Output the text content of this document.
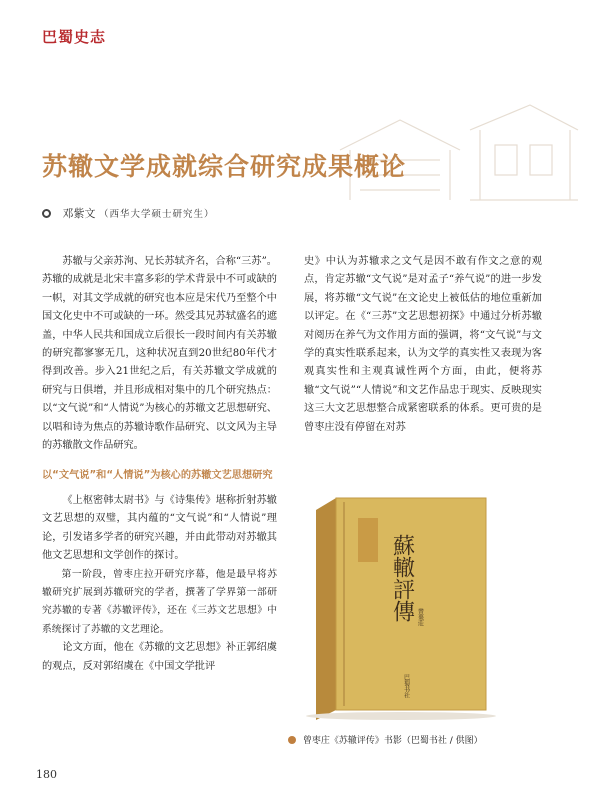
巴蜀史志
苏辙文学成就综合研究成果概论
邓紫文 （西华大学硕士研究生）

苏辙与父亲苏洵、兄长苏轼齐名，合称“三苏”。苏辙的成就是北宋丰富多彩的学术背景中不可或缺的一帜，对其文学成就的研究也本应是宋代乃至整个中国文化史中不可或缺的一环。然受其兄苏轼盛名的遮盖，中华人民共和国成立后很长一段时间内有关苏辙的研究都寥寥无几，这种状况直到20世纪80年代才得到改善。步入21世纪之后，有关苏辙文学成就的研究与日俱增，并且形成相对集中的几个研究热点：以“文气说”和“人情说”为核心的苏辙文艺思想研究、以唱和诗为焦点的苏辙诗歌作品研究、以文风为主导的苏辙散文作品研究。

以“文气说”和“人情说”为核心的苏辙文艺思想研究

《上枢密韩太尉书》与《诗集传》堪称折射苏辙文艺思想的双璧，其内蕴的“文气说”和“人情说”理论，引发诸多学者的研究兴趣，并由此带动对苏辙其他文艺思想和文学创作的探讨。

第一阶段，曾枣庄拉开研究序幕，他是最早将苏辙研究扩展到苏辙研究的学者，撰著了学界第一部研究苏辙的专著《苏辙评传》，还在《三苏文艺思想》中系统探讨了苏辙的文艺理论。

论文方面，他在《苏辙的文艺思想》补正郭绍虞的观点，反对郭绍虞在《中国文学批评

史》中认为苏辙求之文气是因不敢有作文之意的观点，肯定苏辙“文气说”是对孟子“养气说”的进一步发展，将苏辙“文气说”在文论史上被低估的地位重新加以评定。在《“三苏”文艺思想初探》中通过分析苏辙对阅历在养气为文作用方面的强调，将“文气说”与文学的真实性联系起来，认为文学的真实性又表现为客观真实性和主观真诚性两个方面，由此，便将苏辙“文气说”“人情说”和文艺作品忠于现实、反映现实这三大文艺思想整合成紧密联系的体系。更可贵的是曾枣庄没有停留在对苏

蘇轍評傳 曾棗莊
巴蜀书社
曾枣庄《苏辙评传》书影（巴蜀书社 / 供图）
180
